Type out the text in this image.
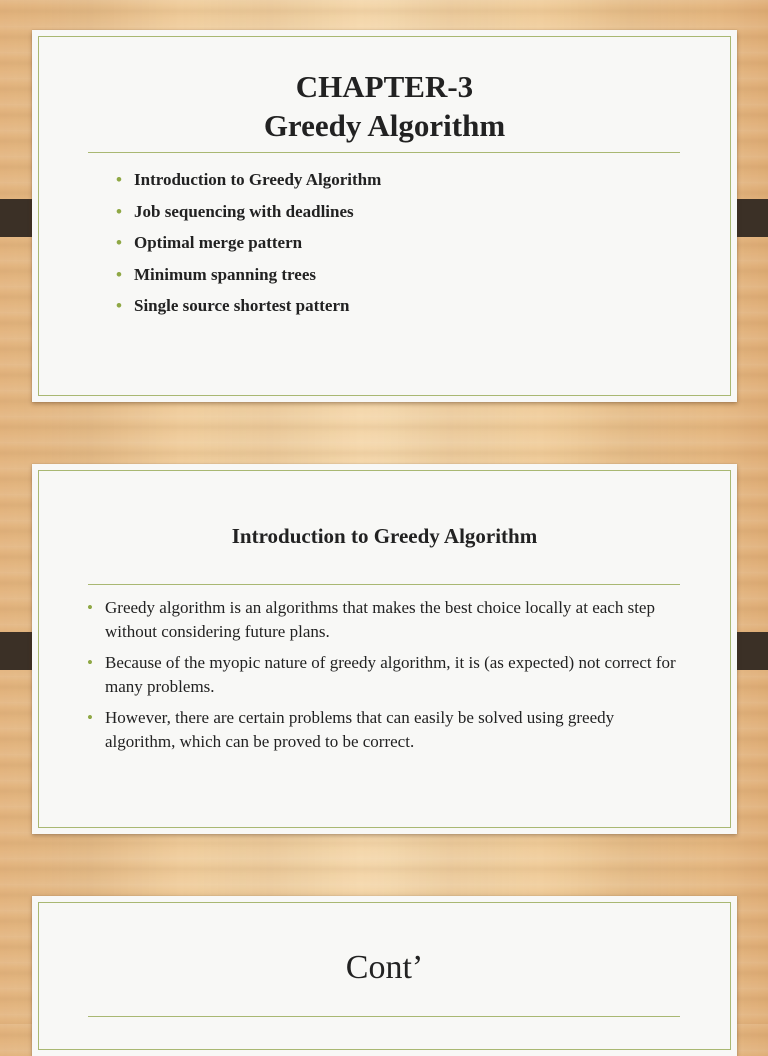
CHAPTER-3
Greedy Algorithm
• Introduction to Greedy Algorithm
• Job sequencing with deadlines
• Optimal merge pattern
• Minimum spanning trees
• Single source shortest pattern
Introduction to Greedy Algorithm
• Greedy algorithm is an algorithms that makes the best choice locally at each step without considering future plans.
• Because of the myopic nature of greedy algorithm, it is (as expected) not correct for many problems.
• However, there are certain problems that can easily be solved using greedy algorithm, which can be proved to be correct.
Cont’
